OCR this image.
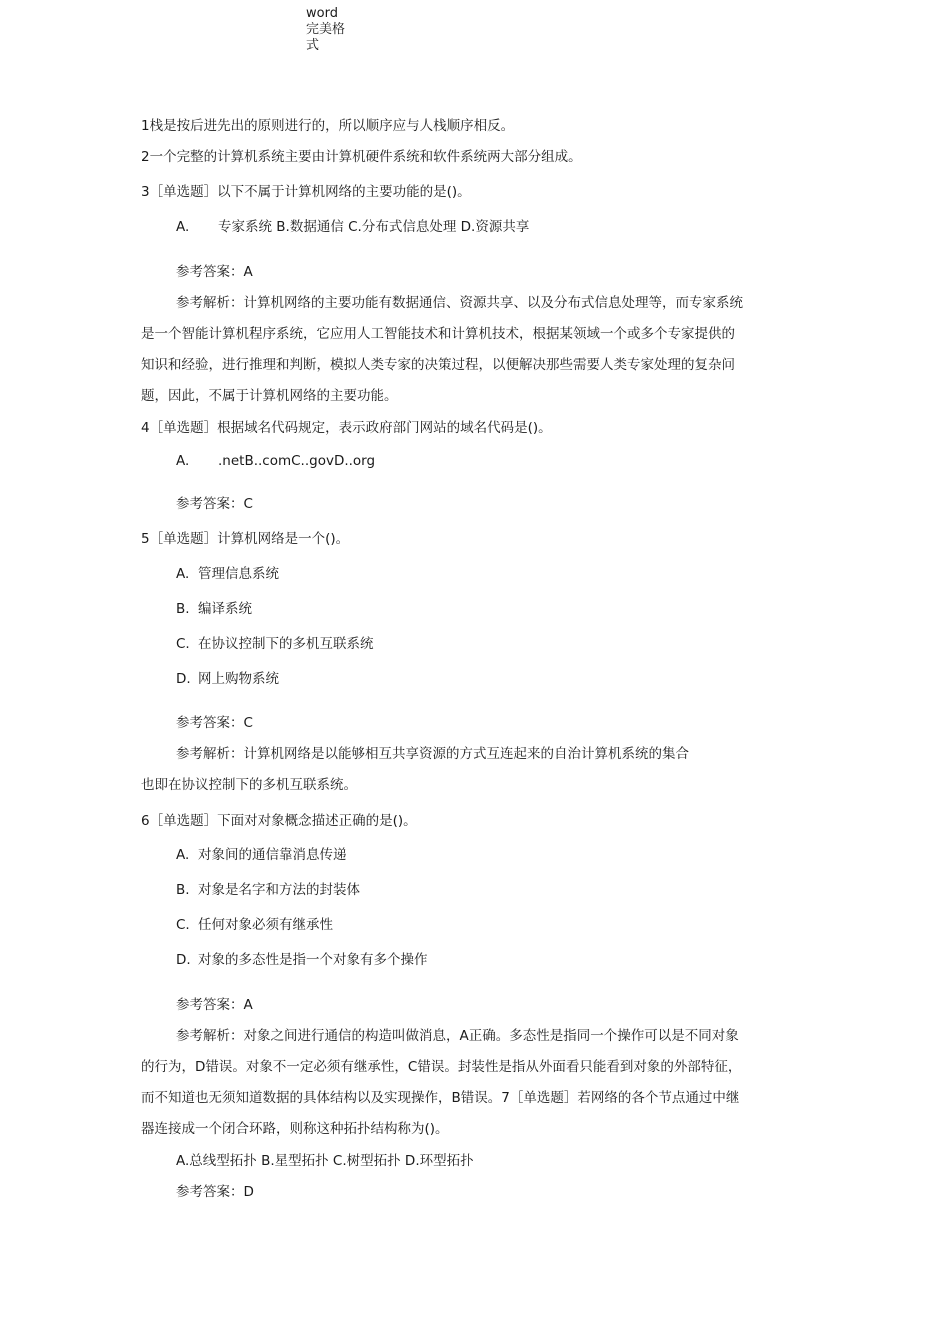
word
完美格
式
1栈是按后进先出的原则进行的，所以顺序应与人栈顺序相反。
2一个完整的计算机系统主要由计算机硬件系统和软件系统两大部分组成。
3［单选题］以下不属于计算机网络的主要功能的是()。
A. 专家系统 B.数据通信 C.分布式信息处理 D.资源共享
参考答案：A
参考解析：计算机网络的主要功能有数据通信、资源共享、以及分布式信息处理等，而专家系统
是一个智能计算机程序系统，它应用人工智能技术和计算机技术，根据某领域一个或多个专家提供的
知识和经验，进行推理和判断，模拟人类专家的决策过程，以便解决那些需要人类专家处理的复杂问
题，因此，不属于计算机网络的主要功能。
4［单选题］根据域名代码规定，表示政府部门网站的域名代码是()。
A. .netB..comC..govD..org
参考答案：C
5［单选题］计算机网络是一个()。
A. 管理信息系统
B. 编译系统
C. 在协议控制下的多机互联系统
D. 网上购物系统
参考答案：C
参考解析：计算机网络是以能够相互共享资源的方式互连起来的自治计算机系统的集合
也即在协议控制下的多机互联系统。
6［单选题］下面对对象概念描述正确的是()。
A. 对象间的通信靠消息传递
B. 对象是名字和方法的封装体
C. 任何对象必须有继承性
D. 对象的多态性是指一个对象有多个操作
参考答案：A
参考解析：对象之间进行通信的构造叫做消息，A正确。多态性是指同一个操作可以是不同对象
的行为，D错误。对象不一定必须有继承性，C错误。封装性是指从外面看只能看到对象的外部特征，
而不知道也无须知道数据的具体结构以及实现操作，B错误。7［单选题］若网络的各个节点通过中继
器连接成一个闭合环路，则称这种拓扑结构称为()。
A.总线型拓扑 B.星型拓扑 C.树型拓扑 D.环型拓扑
参考答案：D
